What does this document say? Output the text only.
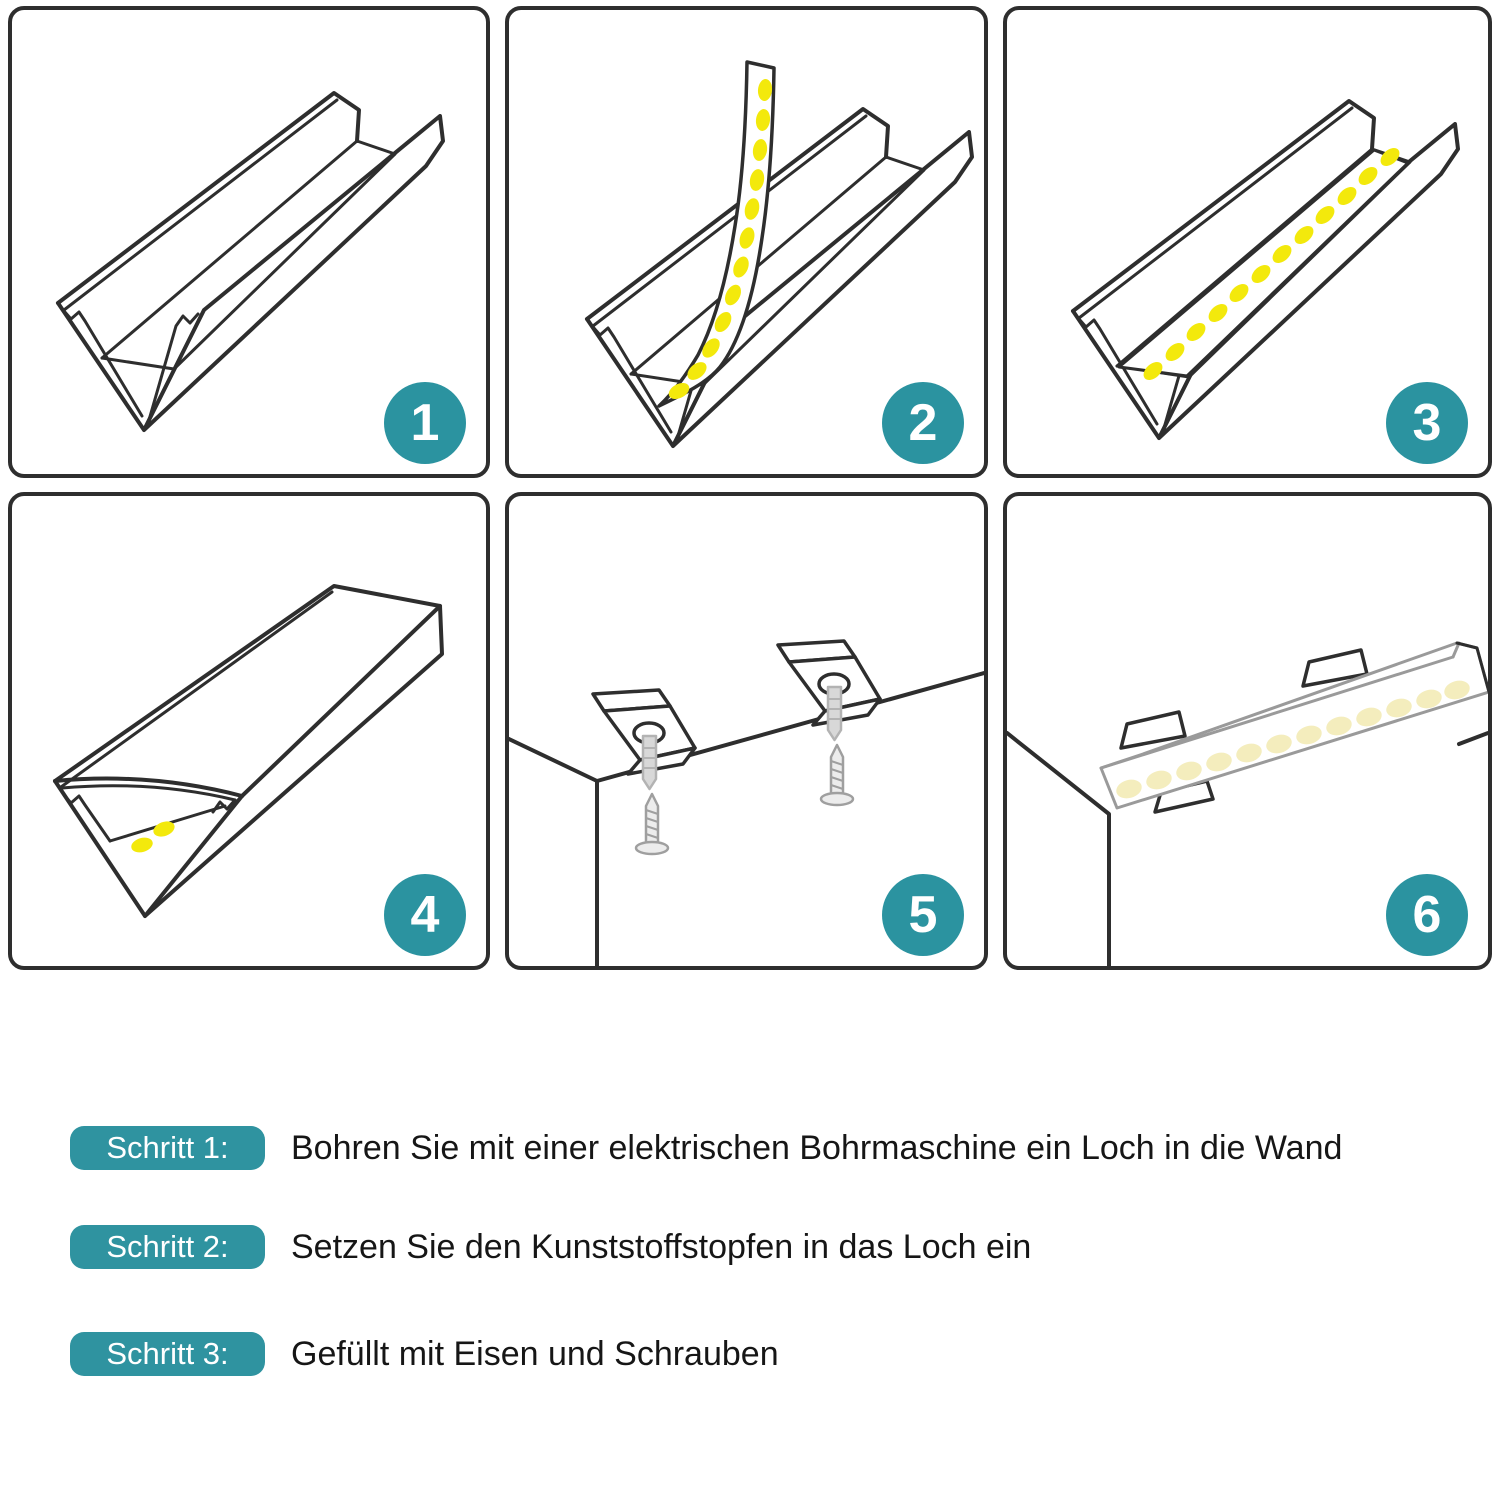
1	2	3
4	5	6
Schritt 1:	Bohren Sie mit einer elektrischen Bohrmaschine ein Loch in die Wand
Schritt 2:	Setzen Sie den Kunststoffstopfen in das Loch ein
Schritt 3:	Gefüllt mit Eisen und Schrauben
